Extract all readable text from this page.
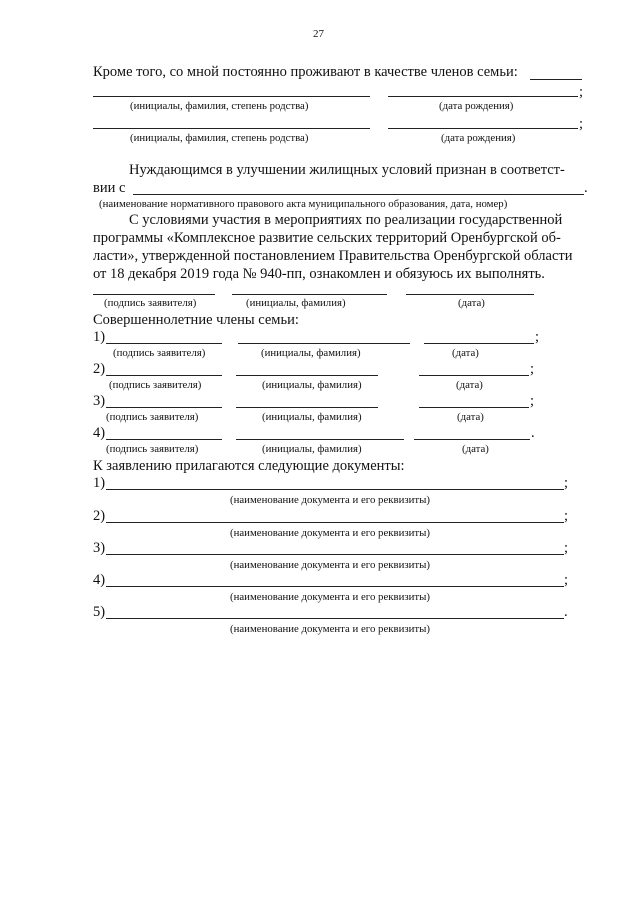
27
Кроме того, со мной постоянно проживают в качестве членов семьи:
;
(инициалы, фамилия, степень родства)	(дата рождения)
;
(инициалы, фамилия, степень родства)	(дата рождения)
Нуждающимся в улучшении жилищных условий признан в соответст-
вии с	.
(наименование нормативного правового акта муниципального образования, дата, номер)
С условиями участия в мероприятиях по реализации государственной
программы «Комплексное развитие сельских территорий Оренбургской об-
ласти», утвержденной постановлением Правительства Оренбургской области
от 18 декабря 2019 года № 940-пп, ознакомлен и обязуюсь их выполнять.
(подпись заявителя)	(инициалы, фамилия)	(дата)
Совершеннолетние члены семьи:
1)	;
(подпись заявителя)	(инициалы, фамилия)	(дата)
2)	;
(подпись заявителя)	(инициалы, фамилия)	(дата)
3)	;
(подпись заявителя)	(инициалы, фамилия)	(дата)
4)	.
(подпись заявителя)	(инициалы, фамилия)	(дата)
К заявлению прилагаются следующие документы:
1)	;
(наименование документа и его реквизиты)
2)	;
(наименование документа и его реквизиты)
3)	;
(наименование документа и его реквизиты)
4)	;
(наименование документа и его реквизиты)
5)	.
(наименование документа и его реквизиты)
